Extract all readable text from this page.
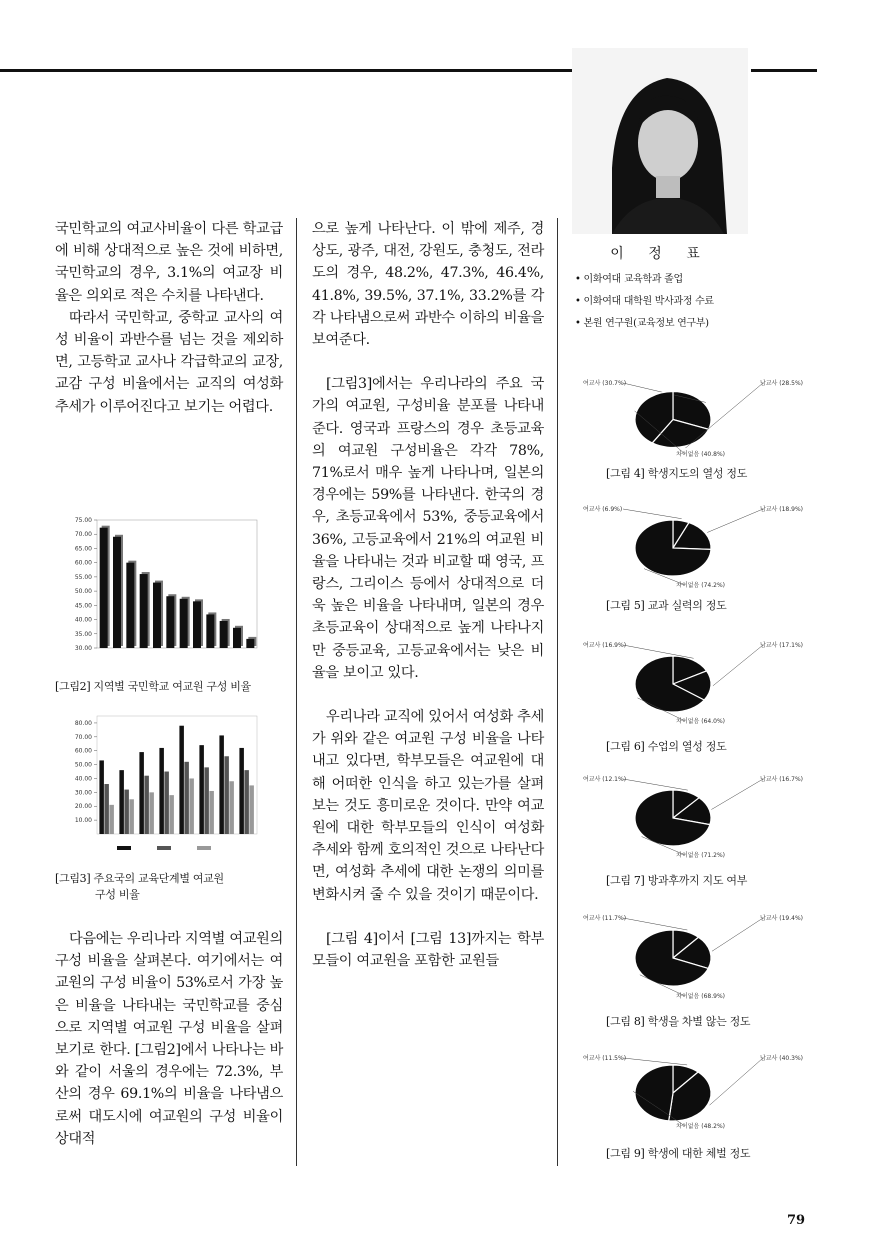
이 정 표
• 이화여대 교육학과 졸업
• 이화여대 대학원 박사과정 수료
• 본원 연구원(교육정보 연구부)

국민학교의 여교사비율이 다른 학교급에 비해 상대적으로 높은 것에 비하면, 국민학교의 경우, 3.1%의 여교장 비율은 의외로 적은 수치를 나타낸다.

따라서 국민학교, 중학교 교사의 여성 비율이 과반수를 넘는 것을 제외하면, 고등학교 교사나 각급학교의 교장, 교감 구성 비율에서는 교직의 여성화 추세가 이루어진다고 보기는 어렵다.

75.00
70.00
65.00
60.00
55.00
50.00
45.00
40.00
35.00
30.00
[그림2] 지역별 국민학교 여교원 구성 비율
80.00
70.00
60.00
50.00
40.00
30.00
20.00
10.00
[그림3] 주요국의 교육단계별 여교원
구성 비율

다음에는 우리나라 지역별 여교원의 구성 비율을 살펴본다. 여기에서는 여교원의 구성 비율이 53%로서 가장 높은 비율을 나타내는 국민학교를 중심으로 지역별 여교원 구성 비율을 살펴보기로 한다. [그림2]에서 나타나는 바와 같이 서울의 경우에는 72.3%, 부산의 경우 69.1%의 비율을 나타냄으로써 대도시에 여교원의 구성 비율이 상대적

으로 높게 나타난다. 이 밖에 제주, 경상도, 광주, 대전, 강원도, 충청도, 전라도의 경우, 48.2%, 47.3%, 46.4%, 41.8%, 39.5%, 37.1%, 33.2%를 각각 나타냄으로써 과반수 이하의 비율을 보여준다.

[그림3]에서는 우리나라의 주요 국가의 여교원, 구성비율 분포를 나타내 준다. 영국과 프랑스의 경우 초등교육의 여교원 구성비율은 각각 78%, 71%로서 매우 높게 나타나며, 일본의 경우에는 59%를 나타낸다. 한국의 경우, 초등교육에서 53%, 중등교육에서 36%, 고등교육에서 21%의 여교원 비율을 나타내는 것과 비교할 때 영국, 프랑스, 그리이스 등에서 상대적으로 더욱 높은 비율을 나타내며, 일본의 경우 초등교육이 상대적으로 높게 나타나지만 중등교육, 고등교육에서는 낮은 비율을 보이고 있다.

우리나라 교직에 있어서 여성화 추세가 위와 같은 여교원 구성 비율을 나타내고 있다면, 학부모들은 여교원에 대해 어떠한 인식을 하고 있는가를 살펴보는 것도 흥미로운 것이다. 만약 여교원에 대한 학부모들의 인식이 여성화 추세와 함께 호의적인 것으로 나타난다면, 여성화 추세에 대한 논쟁의 의미를 변화시켜 줄 수 있을 것이기 때문이다.

[그림 4]이서 [그림 13]까지는 학부모들이 여교원을 포함한 교원들

여교사 (30.7%)	남교사 (28.5%)
차이없음 (40.8%)
[그림 4] 학생지도의 열성 정도
여교사 (6.9%)	남교사 (18.9%)
차이없음 (74.2%)
[그림 5] 교과 실력의 정도
여교사 (16.9%)	남교사 (17.1%)
차이없음 (64.0%)
[그림 6] 수업의 열성 정도
여교사 (12.1%)	남교사 (16.7%)
차이없음 (71.2%)
[그림 7] 방과후까지 지도 여부
여교사 (11.7%)	남교사 (19.4%)
차이없음 (68.9%)
[그림 8] 학생을 차별 않는 정도
여교사 (11.5%)	남교사 (40.3%)
차이없음 (48.2%)
[그림 9] 학생에 대한 체벌 정도
79
